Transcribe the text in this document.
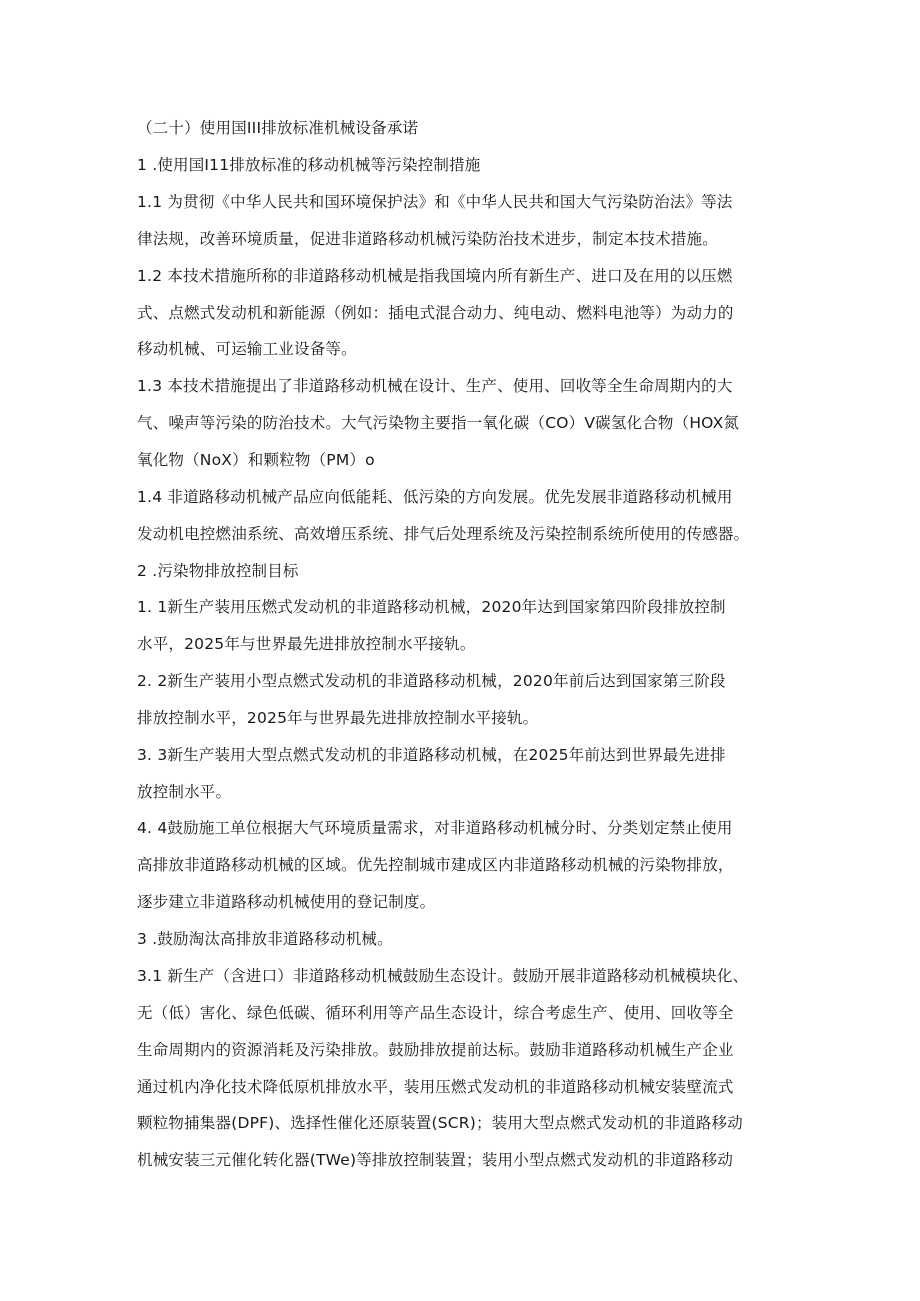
（二十）使用国III排放标准机械设备承诺
1 .使用国I11排放标准的移动机械等污染控制措施
1.1 为贯彻《中华人民共和国环境保护法》和《中华人民共和国大气污染防治法》等法
律法规，改善环境质量，促进非道路移动机械污染防治技术进步，制定本技术措施。
1.2 本技术措施所称的非道路移动机械是指我国境内所有新生产、进口及在用的以压燃
式、点燃式发动机和新能源（例如：插电式混合动力、纯电动、燃料电池等）为动力的
移动机械、可运输工业设备等。
1.3 本技术措施提出了非道路移动机械在设计、生产、使用、回收等全生命周期内的大
气、噪声等污染的防治技术。大气污染物主要指一氧化碳（CO）V碳氢化合物（HOX氮
氧化物（NoX）和颗粒物（PM）o
1.4 非道路移动机械产品应向低能耗、低污染的方向发展。优先发展非道路移动机械用
发动机电控燃油系统、高效增压系统、排气后处理系统及污染控制系统所使用的传感器。
2 .污染物排放控制目标
1. 1新生产装用压燃式发动机的非道路移动机械，2020年达到国家第四阶段排放控制
水平，2025年与世界最先进排放控制水平接轨。
2. 2新生产装用小型点燃式发动机的非道路移动机械，2020年前后达到国家第三阶段
排放控制水平，2025年与世界最先进排放控制水平接轨。
3. 3新生产装用大型点燃式发动机的非道路移动机械，在2025年前达到世界最先进排
放控制水平。
4. 4鼓励施工单位根据大气环境质量需求，对非道路移动机械分时、分类划定禁止使用
高排放非道路移动机械的区域。优先控制城市建成区内非道路移动机械的污染物排放，
逐步建立非道路移动机械使用的登记制度。
3 .鼓励淘汰高排放非道路移动机械。
3.1 新生产（含进口）非道路移动机械鼓励生态设计。鼓励开展非道路移动机械模块化、
无（低）害化、绿色低碳、循环利用等产品生态设计，综合考虑生产、使用、回收等全
生命周期内的资源消耗及污染排放。鼓励排放提前达标。鼓励非道路移动机械生产企业
通过机内净化技术降低原机排放水平，装用压燃式发动机的非道路移动机械安装壁流式
颗粒物捕集器(DPF)、选择性催化还原装置(SCR)；装用大型点燃式发动机的非道路移动
机械安装三元催化转化器(TWe)等排放控制装置；装用小型点燃式发动机的非道路移动
